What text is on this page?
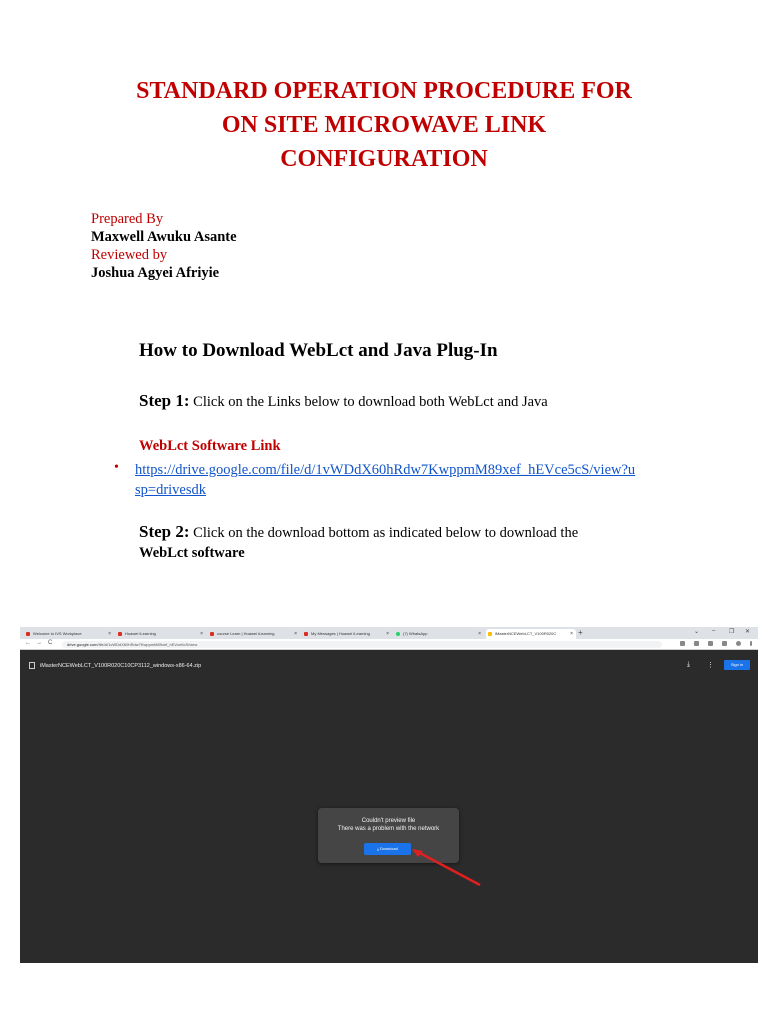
STANDARD OPERATION PROCEDURE FOR
ON SITE MICROWAVE LINK
CONFIGURATION
Prepared By
Maxwell Awuku Asante
Reviewed by
Joshua Agyei Afriyie
How to Download WebLct and Java Plug-In
Step 1: Click on the Links below to download both WebLct and Java
WebLct Software Link
• https://drive.google.com/file/d/1vWDdX60hRdw7KwppmM89xef_hEVce5cS/view?usp=drivesdk
Step 2: Click on the download bottom as indicated below to download the
WebLct software
Welcome to IVS Workplace	×	Huawei iLearning	×	course Learn | Huawei iLearning	×	My Messages | Huawei iLearning	×	(7) WhatsApp	×	iMasterNCEWebLCT_V100R020C	× +	⌄ – ❐ ✕
← → C	drive.google.com/file/d/1vWDdX60hRdw7KwppmM89xef_hEVce5cS/view
iMasterNCEWebLCT_V100R020C10CP3112_windows-x86-64.zip	⤓ ⋮	Sign in
Couldn't preview file
There was a problem with the network
⤓ Download
